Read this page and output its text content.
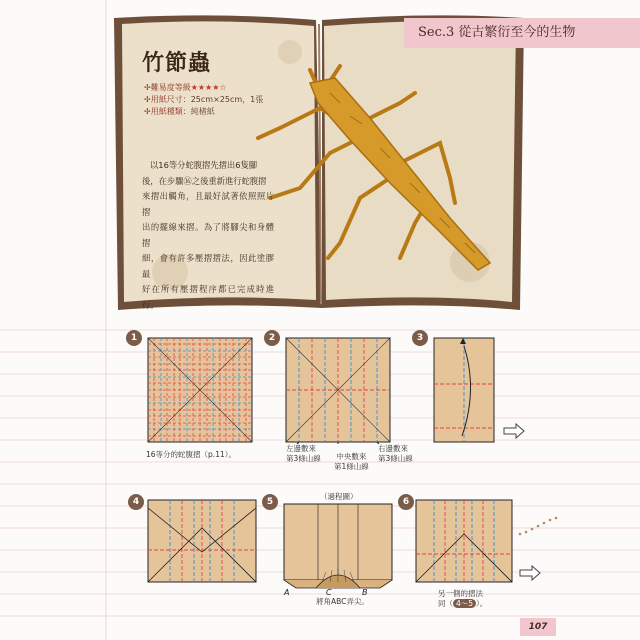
Sec.3 從古繁衍至今的生物
竹節蟲
✢難易度等級★★★★☆
✢用紙尺寸：25cm×25cm，1張
✢用紙種類：純楮紙
以16等分蛇腹摺先摺出6隻腳
後，在步驟⑯之後重新進行蛇腹摺
來摺出觸角，且最好試著依照照片摺
出的擺線來摺。為了將腳尖和身體摺
細，會有許多壓摺摺法，因此塗膠最
好在所有壓摺程序都已完成時進行。
1
16等分的蛇腹摺（p.11）。
2
左邊數來
第3條山線	中央數來
第1條山線
右邊數來
第3條山線
3
4	5
（過程圖）
A	B
C
將角ABC弄尖。
6
另一側的摺法
同（ 4～5 ）。
107
